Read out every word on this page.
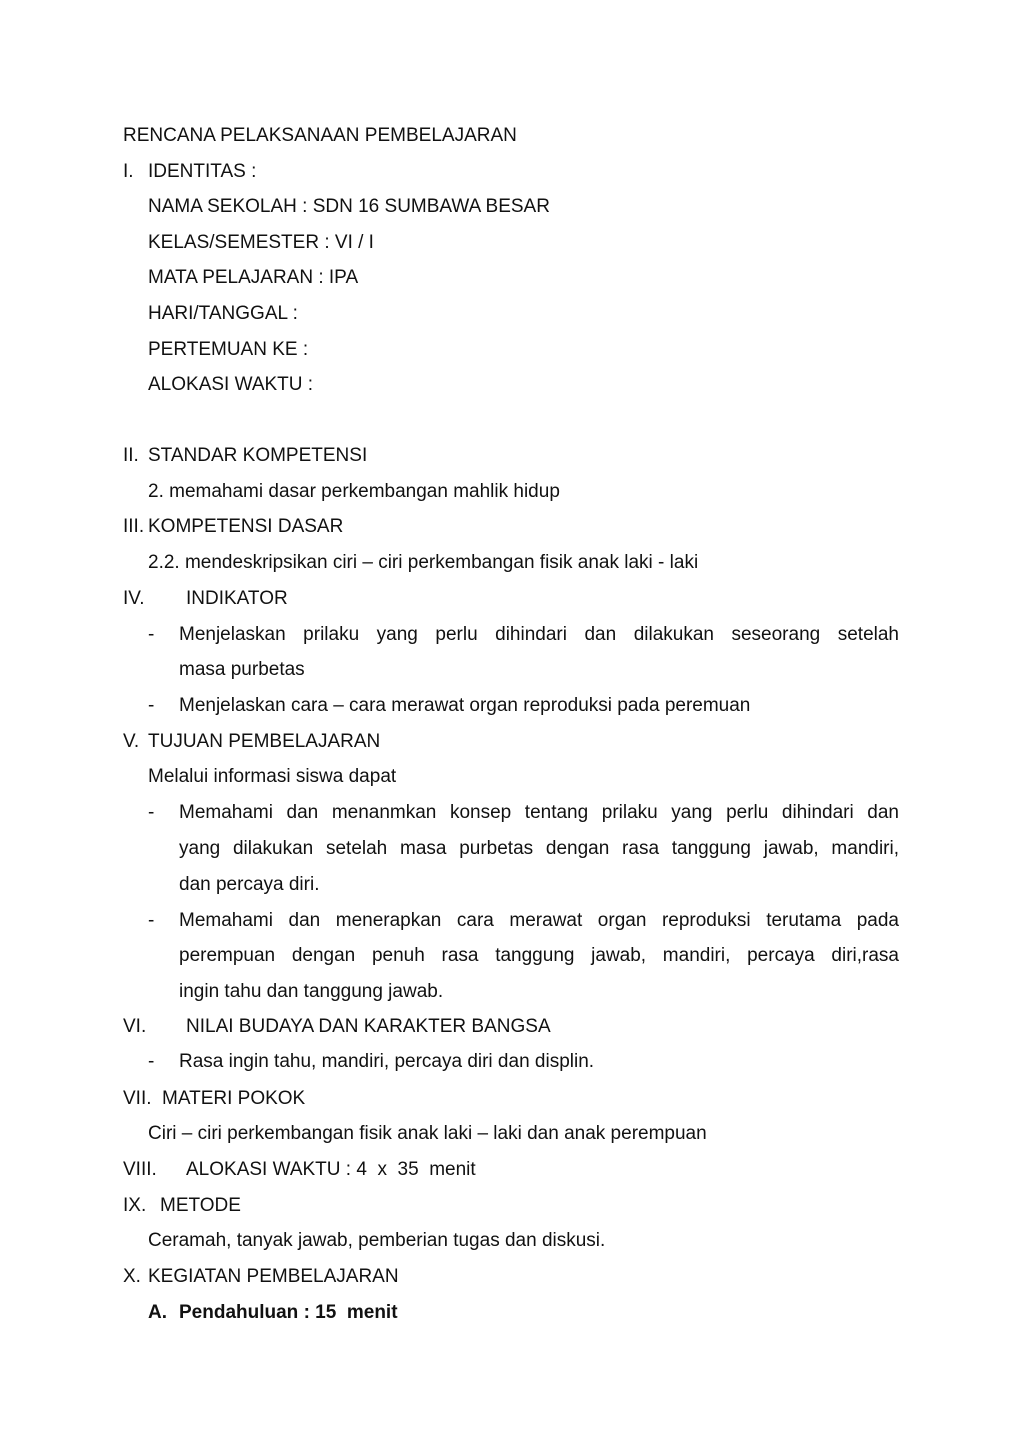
RENCANA PELAKSANAAN PEMBELAJARAN
I. IDENTITAS :
NAMA SEKOLAH : SDN 16 SUMBAWA BESAR
KELAS/SEMESTER : VI / I
MATA PELAJARAN : IPA
HARI/TANGGAL :
PERTEMUAN KE :
ALOKASI WAKTU :
II. STANDAR KOMPETENSI
2. memahami dasar perkembangan mahlik hidup
III. KOMPETENSI DASAR
2.2. mendeskripsikan ciri – ciri perkembangan fisik anak laki - laki
IV. INDIKATOR
- Menjelaskan prilaku yang perlu dihindari dan dilakukan seseorang setelah
masa purbetas
- Menjelaskan cara – cara merawat organ reproduksi pada peremuan
V. TUJUAN PEMBELAJARAN
Melalui informasi siswa dapat
- Memahami dan menanmkan konsep tentang prilaku yang perlu dihindari dan
yang dilakukan setelah masa purbetas dengan rasa tanggung jawab, mandiri,
dan percaya diri.
- Memahami dan menerapkan cara merawat organ reproduksi terutama pada
perempuan dengan penuh rasa tanggung jawab, mandiri, percaya diri,rasa
ingin tahu dan tanggung jawab.
VI. NILAI BUDAYA DAN KARAKTER BANGSA
- Rasa ingin tahu, mandiri, percaya diri dan displin.
VII. MATERI POKOK
Ciri – ciri perkembangan fisik anak laki – laki dan anak perempuan
VIII. ALOKASI WAKTU : 4  x  35  menit
IX. METODE
Ceramah, tanyak jawab, pemberian tugas dan diskusi.
X. KEGIATAN PEMBELAJARAN
A. Pendahuluan : 15  menit
